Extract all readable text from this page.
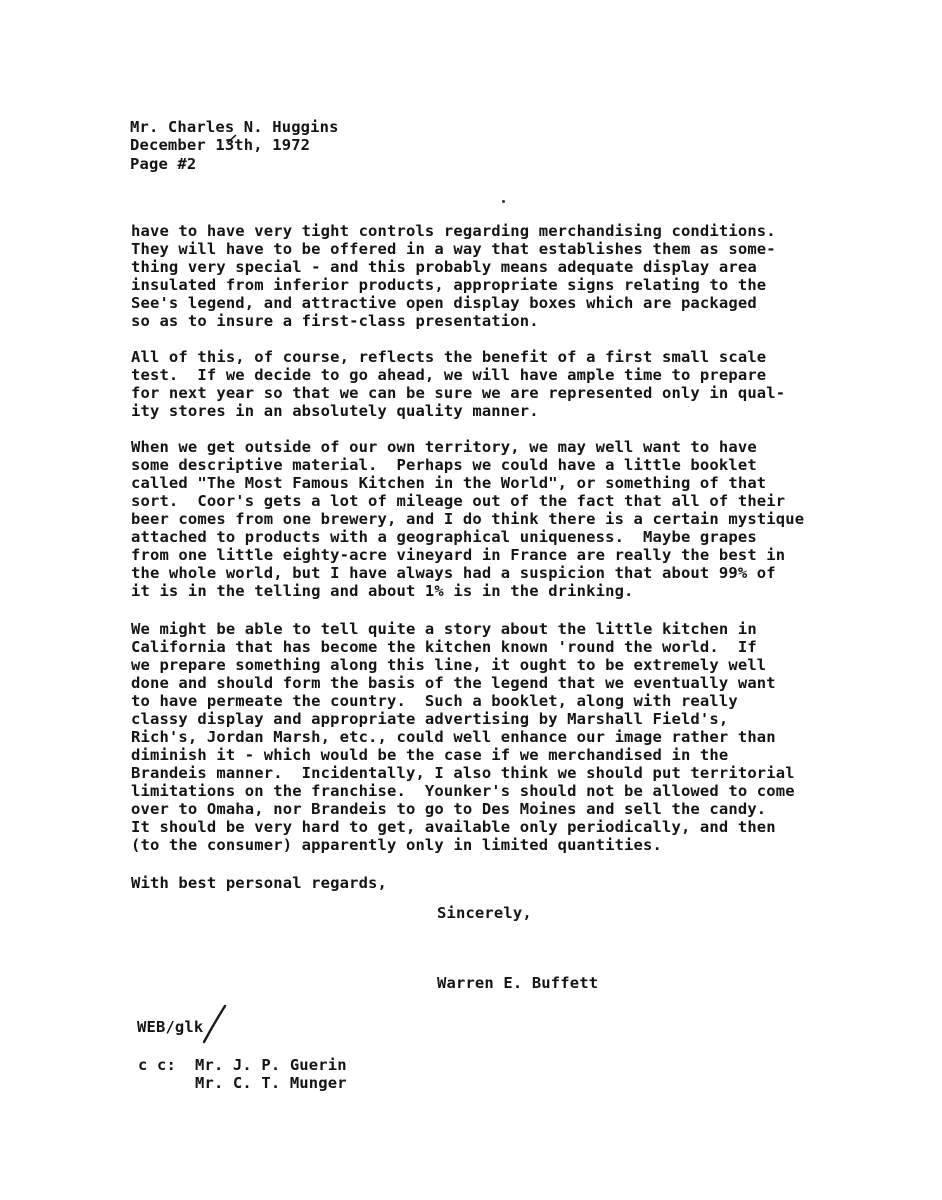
Mr. Charles N. Huggins
December 13th, 1972
Page #2
have to have very tight controls regarding merchandising conditions.
They will have to be offered in a way that establishes them as some-
thing very special - and this probably means adequate display area
insulated from inferior products, appropriate signs relating to the
See's legend, and attractive open display boxes which are packaged
so as to insure a first-class presentation.
All of this, of course, reflects the benefit of a first small scale
test.  If we decide to go ahead, we will have ample time to prepare
for next year so that we can be sure we are represented only in qual-
ity stores in an absolutely quality manner.
When we get outside of our own territory, we may well want to have
some descriptive material.  Perhaps we could have a little booklet
called "The Most Famous Kitchen in the World", or something of that
sort.  Coor's gets a lot of mileage out of the fact that all of their
beer comes from one brewery, and I do think there is a certain mystique
attached to products with a geographical uniqueness.  Maybe grapes
from one little eighty-acre vineyard in France are really the best in
the whole world, but I have always had a suspicion that about 99% of
it is in the telling and about 1% is in the drinking.
We might be able to tell quite a story about the little kitchen in
California that has become the kitchen known 'round the world.  If
we prepare something along this line, it ought to be extremely well
done and should form the basis of the legend that we eventually want
to have permeate the country.  Such a booklet, along with really
classy display and appropriate advertising by Marshall Field's,
Rich's, Jordan Marsh, etc., could well enhance our image rather than
diminish it - which would be the case if we merchandised in the
Brandeis manner.  Incidentally, I also think we should put territorial
limitations on the franchise.  Younker's should not be allowed to come
over to Omaha, nor Brandeis to go to Des Moines and sell the candy.
It should be very hard to get, available only periodically, and then
(to the consumer) apparently only in limited quantities.
With best personal regards,
Sincerely,
Warren E. Buffett
WEB/glk
c c: Mr. J. P. Guerin
Mr. C. T. Munger
